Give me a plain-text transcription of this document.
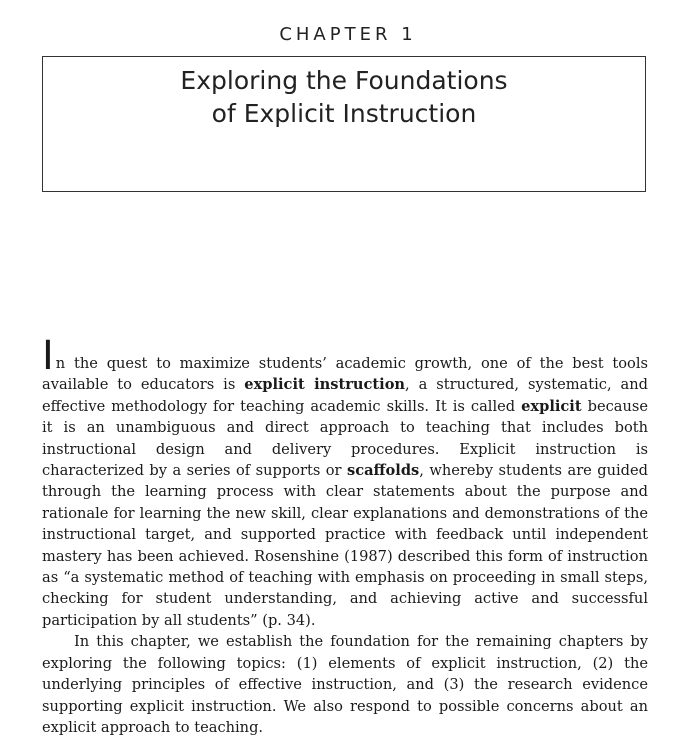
CHAPTER 1
Exploring the Foundations
of Explicit Instruction

In the quest to maximize students’ academic growth, one of the best tools available to educators is explicit instruction, a structured, systematic, and effective methodology for teaching academic skills. It is called explicit because it is an unambiguous and direct approach to teaching that includes both instructional design and delivery procedures. Explicit instruction is characterized by a series of supports or scaffolds, whereby students are guided through the learning process with clear statements about the purpose and rationale for learning the new skill, clear explanations and demonstrations of the instructional target, and supported practice with feedback until independent mastery has been achieved. Rosenshine (1987) described this form of instruction as “a systematic method of teaching with emphasis on proceeding in small steps, checking for student understanding, and achieving active and successful participation by all students” (p. 34).

In this chapter, we establish the foundation for the remaining chapters by exploring the following topics: (1) elements of explicit instruction, (2) the underlying principles of effective instruction, and (3) the research evidence supporting explicit instruction. We also respond to possible concerns about an explicit approach to teaching.
